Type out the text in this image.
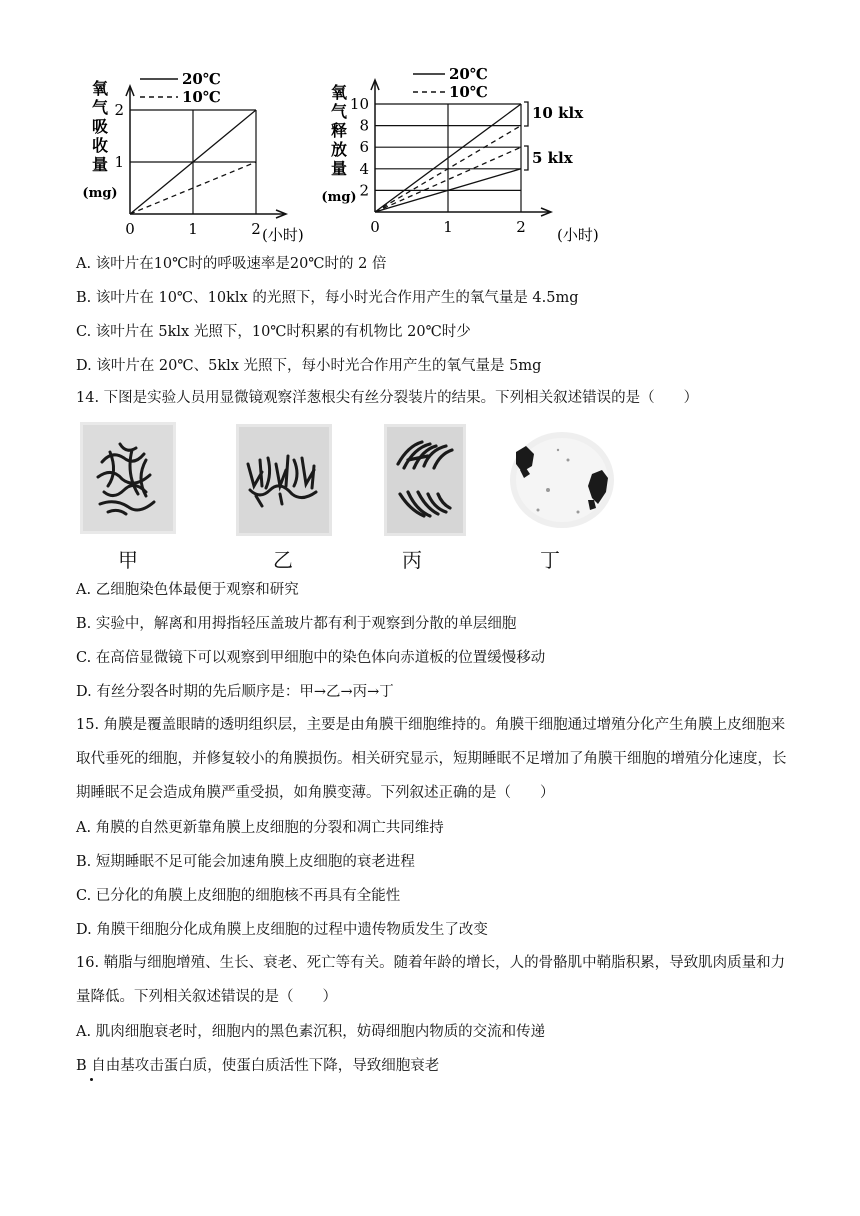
1
2
0	1	2
20℃
10℃
氧
气
吸
收
量
(mg)
(小时)
2
4
6
8
10
0	1	2
20℃
10℃
氧
气
释
放
量
(mg)
(小时)
10 klx
5 klx
A. 该叶片在10℃时的呼吸速率是20℃时的 2 倍
B. 该叶片在 10℃、10klx 的光照下，每小时光合作用产生的氧气量是 4.5mg
C. 该叶片在 5klx 光照下，10℃时积累的有机物比 20℃时少
D. 该叶片在 20℃、5klx 光照下，每小时光合作用产生的氧气量是 5mg
14. 下图是实验人员用显微镜观察洋葱根尖有丝分裂装片的结果。下列相关叙述错误的是（　　）
甲	乙	丙	丁
A. 乙细胞染色体最便于观察和研究
B. 实验中，解离和用拇指轻压盖玻片都有利于观察到分散的单层细胞
C. 在高倍显微镜下可以观察到甲细胞中的染色体向赤道板的位置缓慢移动
D. 有丝分裂各时期的先后顺序是：甲→乙→丙→丁
15. 角膜是覆盖眼睛的透明组织层，主要是由角膜干细胞维持的。角膜干细胞通过增殖分化产生角膜上皮细胞来取代垂死的细胞，并修复较小的角膜损伤。相关研究显示，短期睡眠不足增加了角膜干细胞的增殖分化速度，长期睡眠不足会造成角膜严重受损，如角膜变薄。下列叙述正确的是（　　）
A. 角膜的自然更新靠角膜上皮细胞的分裂和凋亡共同维持
B. 短期睡眠不足可能会加速角膜上皮细胞的衰老进程
C. 已分化的角膜上皮细胞的细胞核不再具有全能性
D. 角膜干细胞分化成角膜上皮细胞的过程中遗传物质发生了改变
16. 鞘脂与细胞增殖、生长、衰老、死亡等有关。随着年龄的增长，人的骨骼肌中鞘脂积累，导致肌肉质量和力量降低。下列相关叙述错误的是（　　）
A. 肌肉细胞衰老时，细胞内的黑色素沉积，妨碍细胞内物质的交流和传递
B 自由基攻击蛋白质，使蛋白质活性下降，导致细胞衰老
